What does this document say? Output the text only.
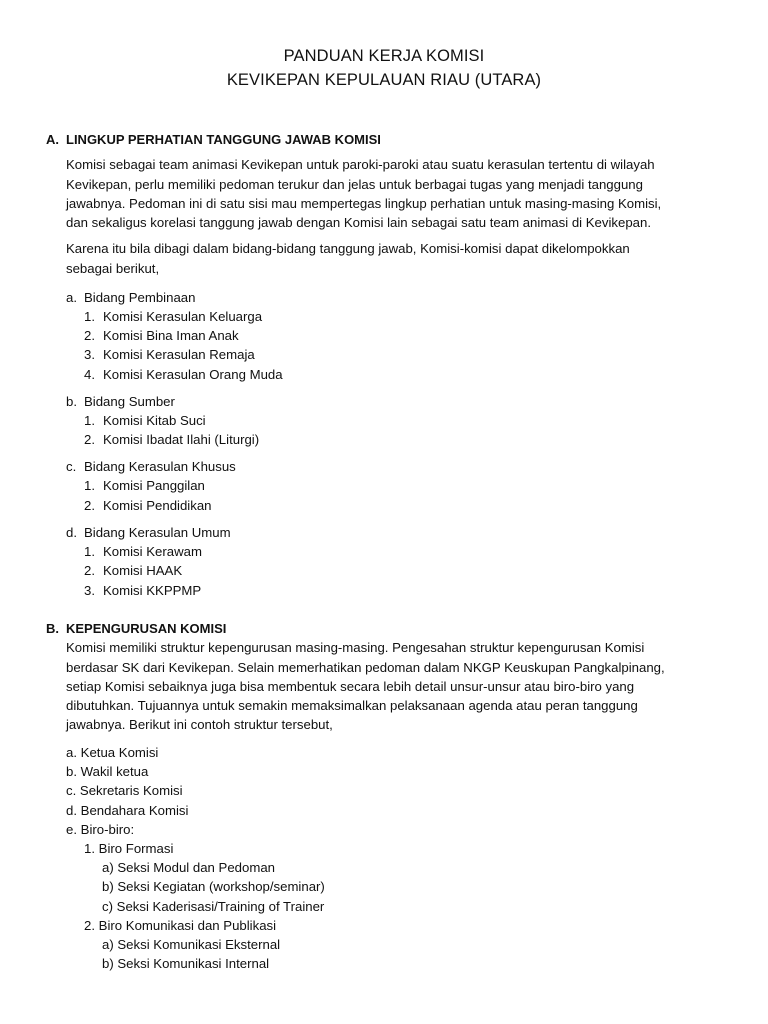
PANDUAN KERJA KOMISI
KEVIKEPAN KEPULAUAN RIAU (UTARA)
A. LINGKUP PERHATIAN TANGGUNG JAWAB KOMISI
Komisi sebagai team animasi Kevikepan untuk paroki-paroki atau suatu kerasulan tertentu di wilayah
Kevikepan, perlu memiliki pedoman terukur dan jelas untuk berbagai tugas yang menjadi tanggung
jawabnya. Pedoman ini di satu sisi mau mempertegas lingkup perhatian untuk masing-masing Komisi,
dan sekaligus korelasi tanggung jawab dengan Komisi lain sebagai satu team animasi di Kevikepan.
Karena itu bila dibagi dalam bidang-bidang tanggung jawab, Komisi-komisi dapat dikelompokkan
sebagai berikut,
a. Bidang Pembinaan
1. Komisi Kerasulan Keluarga
2. Komisi Bina Iman Anak
3. Komisi Kerasulan Remaja
4. Komisi Kerasulan Orang Muda
b. Bidang Sumber
1. Komisi Kitab Suci
2. Komisi Ibadat Ilahi (Liturgi)
c. Bidang Kerasulan Khusus
1. Komisi Panggilan
2. Komisi Pendidikan
d. Bidang Kerasulan Umum
1. Komisi Kerawam
2. Komisi HAAK
3. Komisi KKPPMP
B. KEPENGURUSAN KOMISI
Komisi memiliki struktur kepengurusan masing-masing. Pengesahan struktur kepengurusan Komisi
berdasar SK dari Kevikepan. Selain memerhatikan pedoman dalam NKGP Keuskupan Pangkalpinang,
setiap Komisi sebaiknya juga bisa membentuk secara lebih detail unsur-unsur atau biro-biro yang
dibutuhkan. Tujuannya untuk semakin memaksimalkan pelaksanaan agenda atau peran tanggung
jawabnya. Berikut ini contoh struktur tersebut,
a. Ketua Komisi
b. Wakil ketua
c. Sekretaris Komisi
d. Bendahara Komisi
e. Biro-biro:
1. Biro Formasi
a) Seksi Modul dan Pedoman
b) Seksi Kegiatan (workshop/seminar)
c) Seksi Kaderisasi/Training of Trainer
2. Biro Komunikasi dan Publikasi
a) Seksi Komunikasi Eksternal
b) Seksi Komunikasi Internal
